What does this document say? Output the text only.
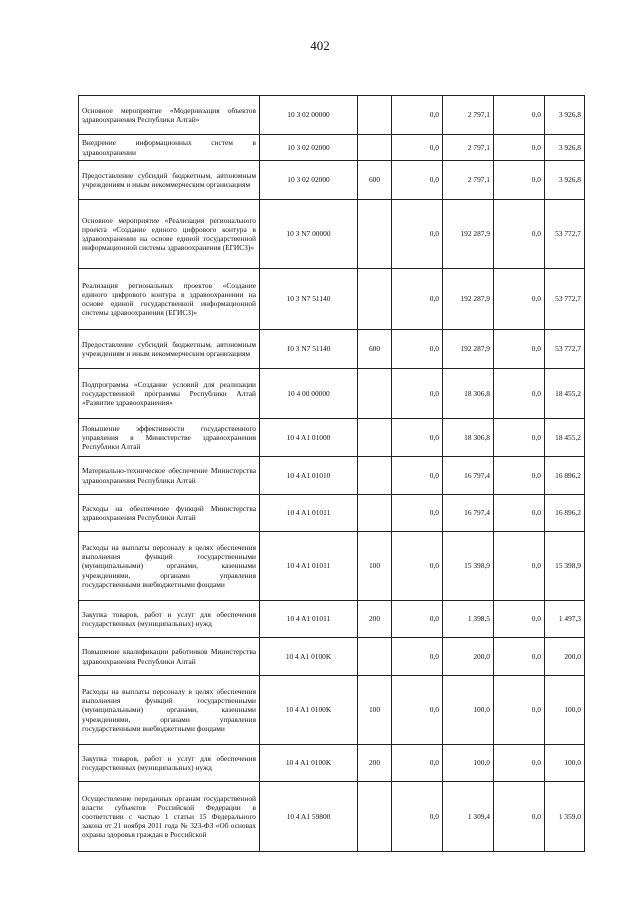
402
Основное мероприятие «Модернизация объектов здравоохранения Республики Алтай»	10 3 02 00000		0,0	2 797,1	0,0	3 926,8
Внедрение информационных систем в здравоохранении	10 3 02 02000		0,0	2 797,1	0,0	3 926,8
Предоставление субсидий бюджетным, автономным учреждениям и иным некоммерческим организациям	10 3 02 02000	600	0,0	2 797,1	0,0	3 926,8
Основное мероприятие «Реализация регионального проекта «Создание единого цифрового контура в здравоохранении на основе единой государственной информационной системы здравоохранения (ЕГИСЗ)»	10 3 N7 00000		0,0	192 287,9	0,0	53 772,7
Реализация региональных проектов «Создание единого цифрового контура в здравоохранении на основе единой государственной информационной системы здравоохранения (ЕГИСЗ)»	10 3 N7 51140		0,0	192 287,9	0,0	53 772,7
Предоставление субсидий бюджетным, автономным учреждениям и иным некоммерческим организациям	10 3 N7 51140	600	0,0	192 287,9	0,0	53 772,7
Подпрограмма «Создание условий для реализации государственной программы Республики Алтай «Развитие здравоохранения»	10 4 00 00000		0,0	18 306,8	0,0	18 455,2
Повышение эффективности государственного управления в Министерстве здравоохранения Республики Алтай	10 4 A1 01000		0,0	18 306,8	0,0	18 455,2
Материально-техническое обеспечение Министерства здравоохранения Республики Алтай	10 4 A1 01010		0,0	16 797,4	0,0	16 896,2
Расходы на обеспечение функций Министерства здравоохранения Республики Алтай	10 4 A1 01011		0,0	16 797,4	0,0	16 896,2
Расходы на выплаты персоналу в целях обеспечения выполнения функций государственными (муниципальными) органами, казенными учреждениями, органами управления государственными внебюджетными фондами	10 4 A1 01011	100	0,0	15 398,9	0,0	15 398,9
Закупка товаров, работ и услуг для обеспечения государственных (муниципальных) нужд	10 4 A1 01011	200	0,0	1 398,5	0,0	1 497,3
Повышение квалификации работников Министерства здравоохранения Республики Алтай	10 4 A1 0100K		0,0	200,0	0,0	200,0
Расходы на выплаты персоналу в целях обеспечения выполнения функций государственными (муниципальными) органами, казенными учреждениями, органами управления государственными внебюджетными фондами	10 4 A1 0100K	100	0,0	100,0	0,0	100,0
Закупка товаров, работ и услуг для обеспечения государственных (муниципальных) нужд	10 4 A1 0100K	200	0,0	100,0	0,0	100,0
Осуществление переданных органам государственной власти субъектов Российской Федерации в соответствии с частью 1 статьи 15 Федерального закона от 21 ноября 2011 года № 323-ФЗ «Об основах охраны здоровья граждан в Российской	10 4 A1 59800		0,0	1 309,4	0,0	1 359,0
